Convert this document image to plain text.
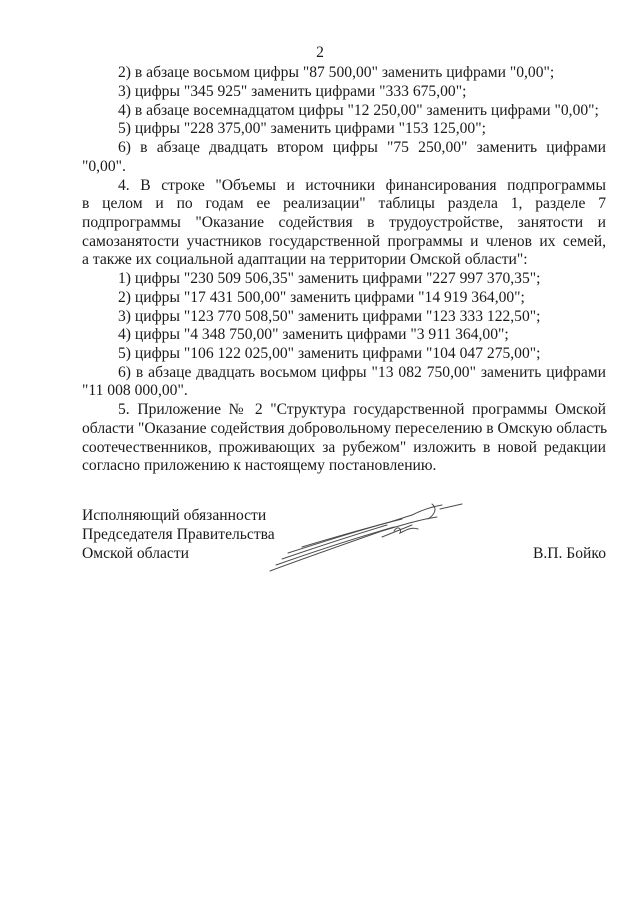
2
2) в абзаце восьмом цифры "87 500,00" заменить цифрами "0,00";
3) цифры "345 925" заменить цифрами "333 675,00";
4) в абзаце восемнадцатом цифры "12 250,00" заменить цифрами "0,00";
5) цифры "228 375,00" заменить цифрами "153 125,00";
6) в абзаце двадцать втором цифры "75 250,00" заменить цифрами
"0,00".
4. В строке "Объемы и источники финансирования подпрограммы
в целом и по годам ее реализации" таблицы раздела 1, разделе 7
подпрограммы "Оказание содействия в трудоустройстве, занятости и
самозанятости участников государственной программы и членов их семей,
а также их социальной адаптации на территории Омской области":
1) цифры "230 509 506,35" заменить цифрами "227 997 370,35";
2) цифры "17 431 500,00" заменить цифрами "14 919 364,00";
3) цифры "123 770 508,50" заменить цифрами "123 333 122,50";
4) цифры "4 348 750,00" заменить цифрами "3 911 364,00";
5) цифры "106 122 025,00" заменить цифрами "104 047 275,00";
6) в абзаце двадцать восьмом цифры "13 082 750,00" заменить цифрами
"11 008 000,00".
5. Приложение № 2 "Структура государственной программы Омской
области "Оказание содействия добровольному переселению в Омскую область
соотечественников, проживающих за рубежом" изложить в новой редакции
согласно приложению к настоящему постановлению.
Исполняющий обязанности
Председателя Правительства
Омской области	В.П. Бойко
